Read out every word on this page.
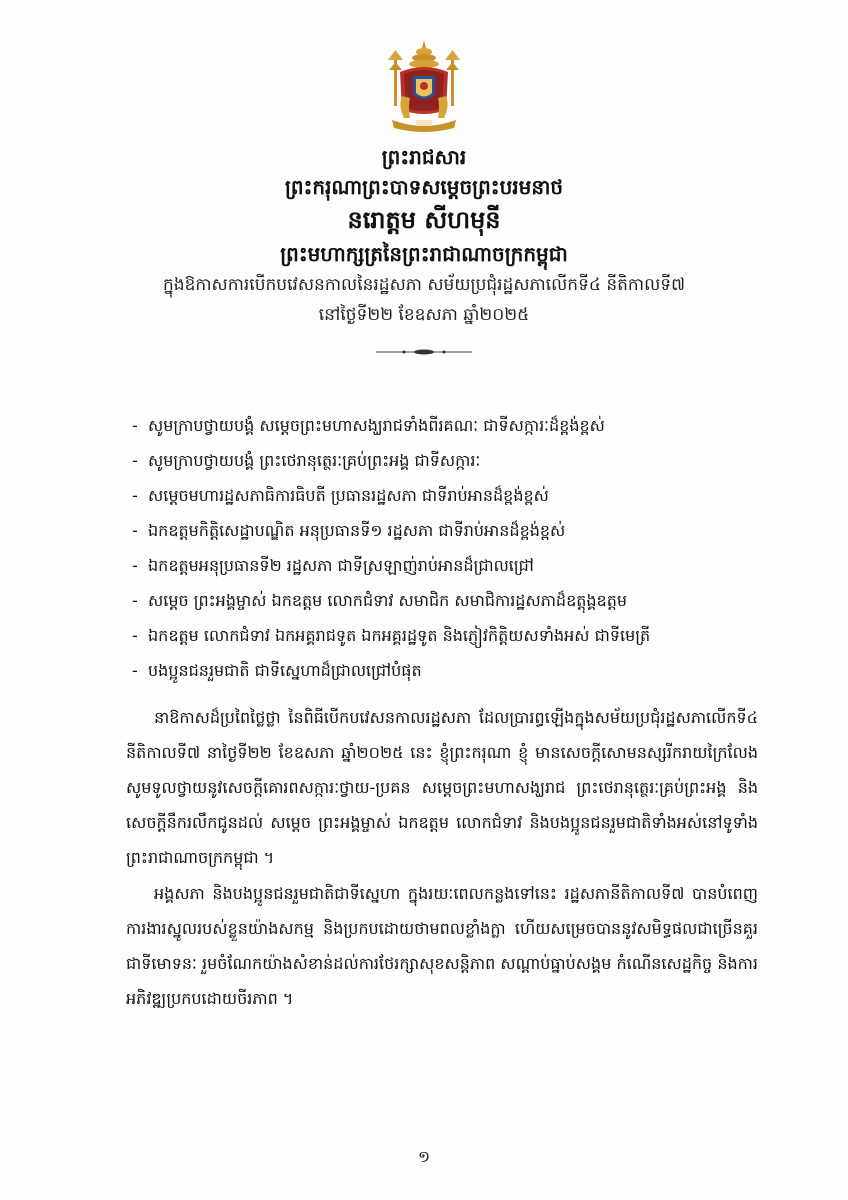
ព្រះរាជសារ
ព្រះករុណាព្រះបាទសម្តេចព្រះបរមនាថ
នរោត្តម សីហមុនី
ព្រះមហាក្សត្រនៃព្រះរាជាណាចក្រកម្ពុជា
ក្នុងឱកាសការបើកបវេសនកាលនៃរដ្ឋសភា សម័យប្រជុំរដ្ឋសភាលើកទី៤ នីតិកាលទី៧
នៅថ្ងៃទី២២ ខែឧសភា ឆ្នាំ២០២៥
- សូមក្រាបថ្វាយបង្គំ សម្ដេចព្រះមហាសង្ឃរាជទាំងពីរគណៈ ជាទីសក្ការៈដ៏ខ្ពង់ខ្ពស់
- សូមក្រាបថ្វាយបង្គំ ព្រះថេរានុត្ថេរៈគ្រប់ព្រះអង្គ ជាទីសក្ការៈ
- សម្ដេចមហារដ្ឋសភាធិការធិបតី ប្រធានរដ្ឋសភា ជាទីរាប់អានដ៏ខ្ពង់ខ្ពស់
- ឯកឧត្តមកិត្តិសេដ្ឋាបណ្ឌិត អនុប្រធានទី១ រដ្ឋសភា ជាទីរាប់អានដ៏ខ្ពង់ខ្ពស់
- ឯកឧត្តមអនុប្រធានទី២ រដ្ឋសភា ជាទីស្រឡាញ់រាប់អានដ៏ជ្រាលជ្រៅ
- សម្ដេច ព្រះអង្គម្ចាស់ ឯកឧត្តម លោកជំទាវ សមាជិក សមាជិការដ្ឋសភាដ៏ឧត្តុង្គឧត្តម
- ឯកឧត្តម លោកជំទាវ ឯកអគ្គរាជទូត ឯកអគ្គរដ្ឋទូត និងភ្ញៀវកិត្តិយសទាំងអស់ ជាទីមេត្រី
- បងប្អូនជនរួមជាតិ ជាទីស្នេហាដ៏ជ្រាលជ្រៅបំផុត

នាឱកាសដ៏ប្រពៃថ្លៃថ្លា នៃពិធីបើកបវេសនកាលរដ្ឋសភា ដែលប្រារព្ធឡើងក្នុងសម័យប្រជុំរដ្ឋសភាលើកទី៤ នីតិកាលទី៧ នាថ្ងៃទី២២ ខែឧសភា ឆ្នាំ២០២៥ នេះ ខ្ញុំព្រះករុណា ខ្ញុំ មានសេចក្ដីសោមនស្សរីករាយក្រៃលែង សូមទូលថ្វាយនូវសេចក្ដីគោរពសក្ការៈថ្វាយ-ប្រគន សម្ដេចព្រះមហាសង្ឃរាជ ព្រះថេរានុត្ថេរៈគ្រប់ព្រះអង្គ និងសេចក្ដីនឹករលឹកជូនដល់ សម្ដេច ព្រះអង្គម្ចាស់ ឯកឧត្តម លោកជំទាវ និងបងប្អូនជនរួមជាតិទាំងអស់នៅទូទាំងព្រះរាជាណាចក្រកម្ពុជា ។

អង្គសភា និងបងប្អូនជនរួមជាតិជាទីស្នេហា ក្នុងរយៈពេលកន្លងទៅនេះ រដ្ឋសភានីតិកាលទី៧ បានបំពេញការងារស្នូលរបស់ខ្លួនយ៉ាងសកម្ម និងប្រកបដោយថាមពលខ្លាំងក្លា ហើយសម្រេចបាននូវសមិទ្ធផលជាច្រើនគួរជាទីមោទនៈ រួមចំណែកយ៉ាងសំខាន់ដល់ការថែរក្សាសុខសន្តិភាព សណ្ដាប់ធ្នាប់សង្គម កំណើនសេដ្ឋកិច្ច និងការអភិវឌ្ឍប្រកបដោយចីរភាព ។

១
